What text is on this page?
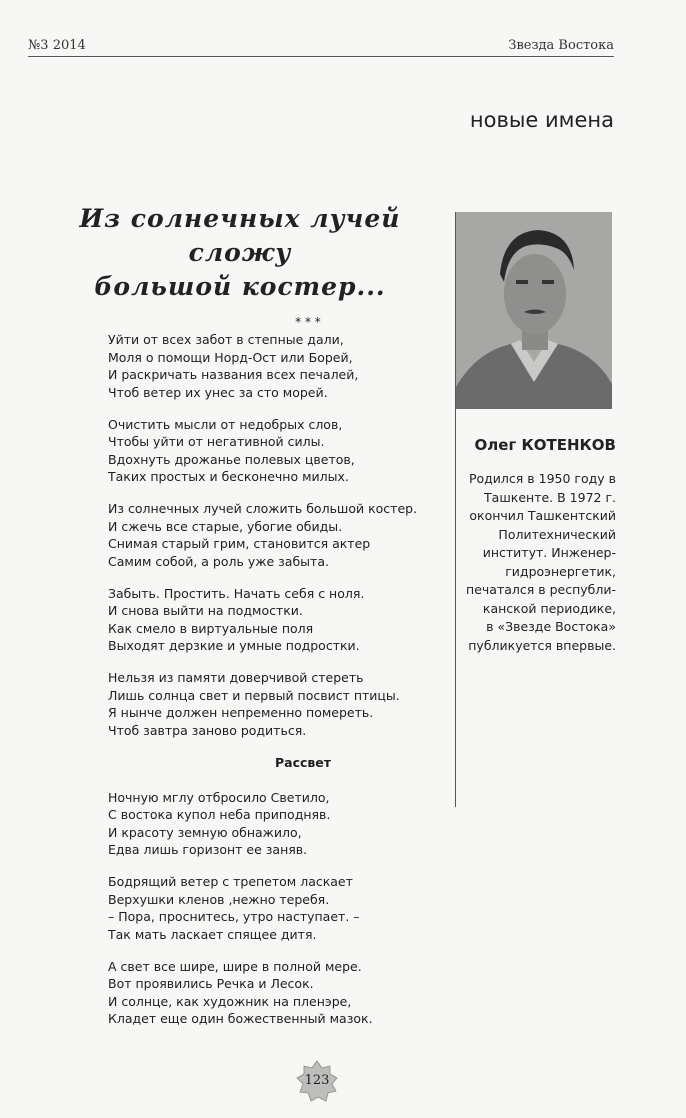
№3 2014	Звезда Востока
новые имена
Из солнечных лучей сложу
большой костер...
Олег КОТЕНКОВ
Родился в 1950 году в
Ташкенте. В 1972 г.
окончил Ташкентский
Политехнический
институт. Инженер-
гидроэнергетик,
печатался в республи-
канской периодике,
в «Звезде Востока»
публикуется впервые.
* * *
Уйти от всех забот в степные дали,
Моля о помощи Норд-Ост или Борей,
И раскричать названия всех печалей,
Чтоб ветер их унес за сто морей.
Очистить мысли от недобрых слов,
Чтобы уйти от негативной силы.
Вдохнуть дрожанье полевых цветов,
Таких простых и бесконечно милых.
Из солнечных лучей сложить большой костер.
И сжечь все старые, убогие обиды.
Снимая старый грим, становится актер
Самим собой, а роль уже забыта.
Забыть. Простить. Начать себя с ноля.
И снова выйти на подмостки.
Как смело в виртуальные поля
Выходят дерзкие и умные подростки.
Нельзя из памяти доверчивой стереть
Лишь солнца свет и первый посвист птицы.
Я нынче должен непременно помереть.
Чтоб завтра заново родиться.
Рассвет
Ночную мглу отбросило Светило,
С востока купол неба приподняв.
И красоту земную обнажило,
Едва лишь горизонт ее заняв.
Бодрящий ветер с трепетом ласкает
Верхушки кленов ,нежно теребя.
– Пора, проснитесь, утро наступает. –
Так мать ласкает спящее дитя.
А свет все шире, шире в полной мере.
Вот проявились Речка и Лесок.
И солнце, как художник на пленэре,
Кладет еще один божественный мазок.
123
